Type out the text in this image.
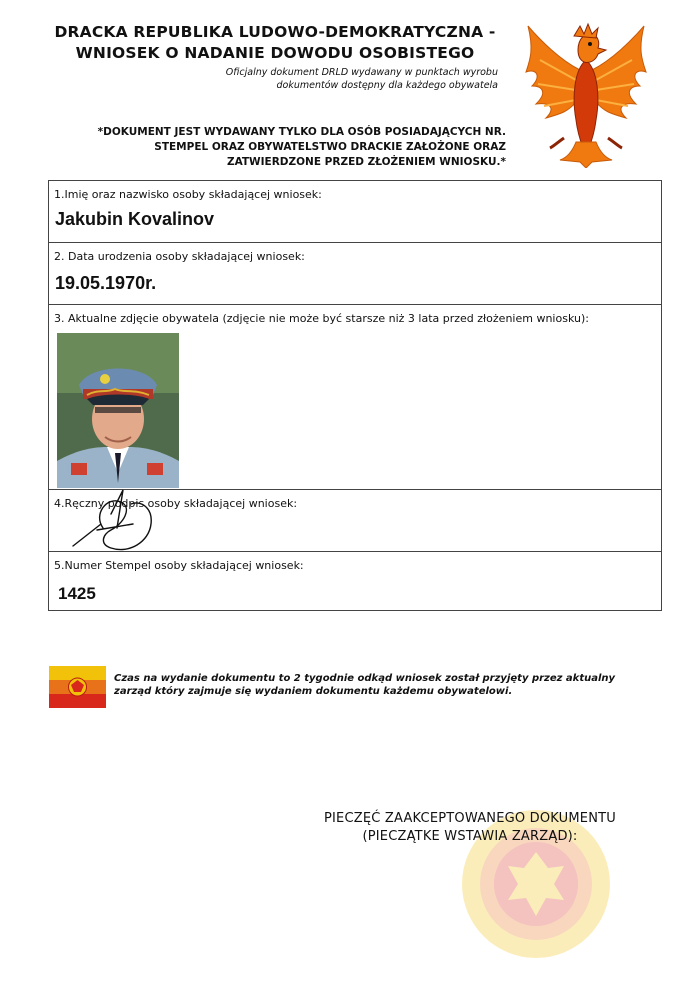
DRACKA REPUBLIKA LUDOWO-DEMOKRATYCZNA -
WNIOSEK O NADANIE DOWODU OSOBISTEGO
Oficjalny dokument DRLD wydawany w punktach wyrobu
dokumentów dostępny dla każdego obywatela
*DOKUMENT JEST WYDAWANY TYLKO DLA OSÓB POSIADAJĄCYCH NR.
STEMPEL ORAZ OBYWATELSTWO DRACKIE ZAŁOŻONE ORAZ
ZATWIERDZONE PRZED ZŁOŻENIEM WNIOSKU.*
1.Imię oraz nazwisko osoby składającej wniosek:
Jakubin Kovalinov
2. Data urodzenia osoby składającej wniosek:
19.05.1970r.
3. Aktualne zdjęcie obywatela (zdjęcie nie może być starsze niż 3 lata przed złożeniem wniosku):
4.Ręczny podpis osoby składającej wniosek:
5.Numer Stempel osoby składającej wniosek:
1425
Czas na wydanie dokumentu to 2 tygodnie odkąd wniosek został przyjęty przez aktualny zarząd który zajmuje się wydaniem dokumentu każdemu obywatelowi.
PIECZĘĆ ZAAKCEPTOWANEGO DOKUMENTU
(PIECZĄTKE WSTAWIA ZARZĄD):
